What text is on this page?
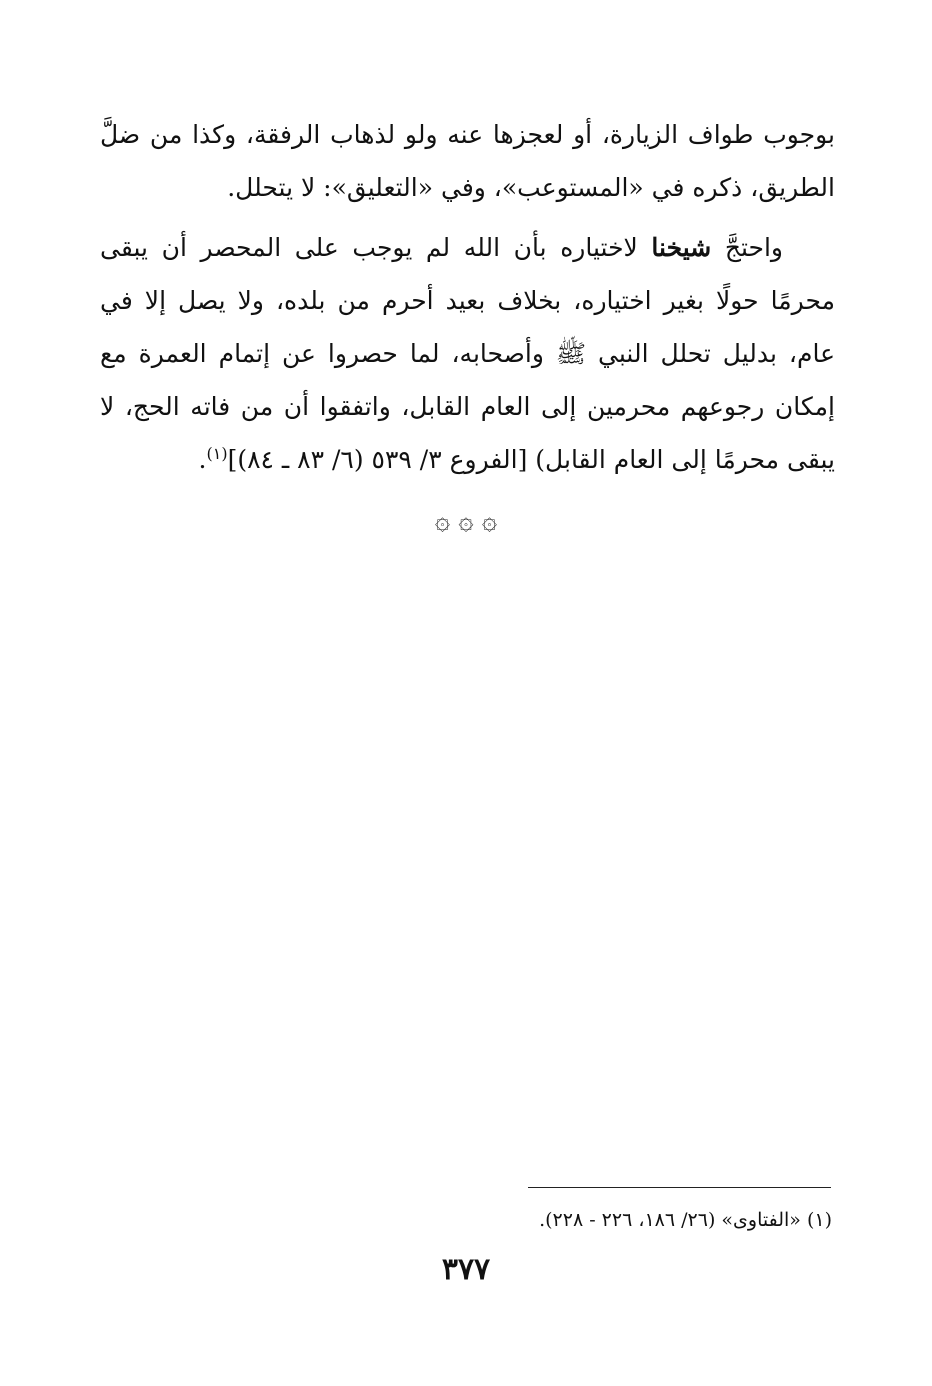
بوجوب طواف الزيارة، أو لعجزها عنه ولو لذهاب الرفقة، وكذا من ضلَّ الطريق، ذكره في «المستوعب»، وفي «التعليق»: لا يتحلل.

واحتجَّ شيخنا لاختياره بأن الله لم يوجب على المحصر أن يبقى محرمًا حولًا بغير اختياره، بخلاف بعيد أحرم من بلده، ولا يصل إلا في عام، بدليل تحلل النبي ﷺ وأصحابه، لما حصروا عن إتمام العمرة مع إمكان رجوعهم محرمين إلى العام القابل، واتفقوا أن من فاته الحج، لا يبقى محرمًا إلى العام القابل) [الفروع ٣/ ٥٣٩ (٦/ ٨٣ ـ ٨٤)]$^{(١)}$.

۞ ۞ ۞
(١) «الفتاوى» (٢٦/ ١٨٦، ٢٢٦ - ٢٢٨).
٣٧٧
